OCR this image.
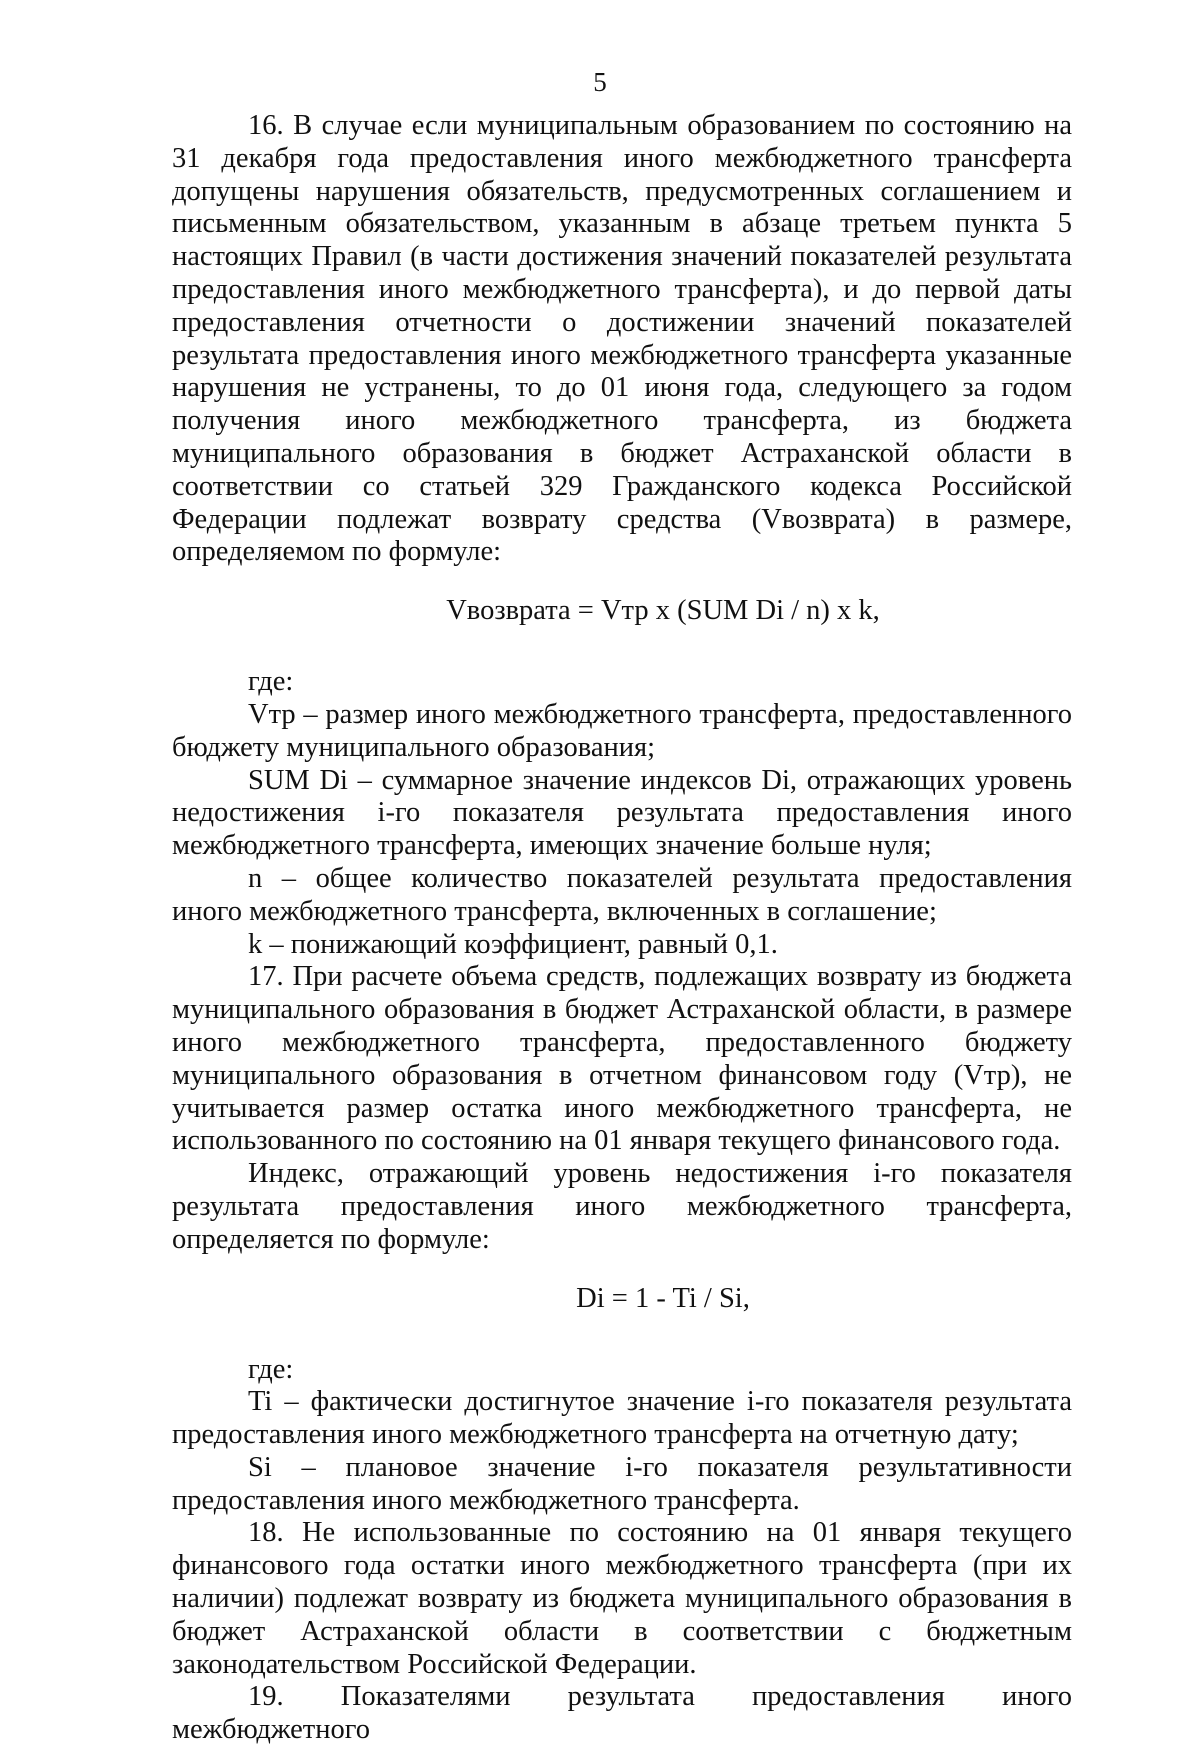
5

16. В случае если муниципальным образованием по состоянию на 31 декабря года предоставления иного межбюджетного трансферта допущены нарушения обязательств, предусмотренных соглашением и письменным обязательством, указанным в абзаце третьем пункта 5 настоящих Правил (в части достижения значений показателей результата предоставления иного межбюджетного трансферта), и до первой даты предоставления отчетности о достижении значений показателей результата предоставления иного межбюджетного трансферта указанные нарушения не устранены, то до 01 июня года, следующего за годом получения иного межбюджетного трансферта, из бюджета муниципального образования в бюджет Астраханской области в соответствии со статьей 329 Гражданского кодекса Российской Федерации подлежат возврату средства (Vвозврата) в размере, определяемом по формуле:

Vвозврата = Vтр x (SUM Di / n) x k,

где:

Vтр – размер иного межбюджетного трансферта, предоставленного бюджету муниципального образования;

SUM Di – суммарное значение индексов Di, отражающих уровень недостижения i-го показателя результата предоставления иного межбюджетного трансферта, имеющих значение больше нуля;

n – общее количество показателей результата предоставления иного межбюджетного трансферта, включенных в соглашение;

k – понижающий коэффициент, равный 0,1.

17. При расчете объема средств, подлежащих возврату из бюджета муниципального образования в бюджет Астраханской области, в размере иного межбюджетного трансферта, предоставленного бюджету муниципального образования в отчетном финансовом году (Vтр), не учитывается размер остатка иного межбюджетного трансферта, не использованного по состоянию на 01 января текущего финансового года.

Индекс, отражающий уровень недостижения i-го показателя результата предоставления иного межбюджетного трансферта, определяется по формуле:

Di = 1 - Ti / Si,

где:

Ti – фактически достигнутое значение i-го показателя результата предоставления иного межбюджетного трансферта на отчетную дату;

Si – плановое значение i-го показателя результативности предоставления иного межбюджетного трансферта.

18. Не использованные по состоянию на 01 января текущего финансового года остатки иного межбюджетного трансферта (при их наличии) подлежат возврату из бюджета муниципального образования в бюджет Астраханской области в соответствии с бюджетным законодательством Российской Федерации.

19. Показателями результата предоставления иного межбюджетного
